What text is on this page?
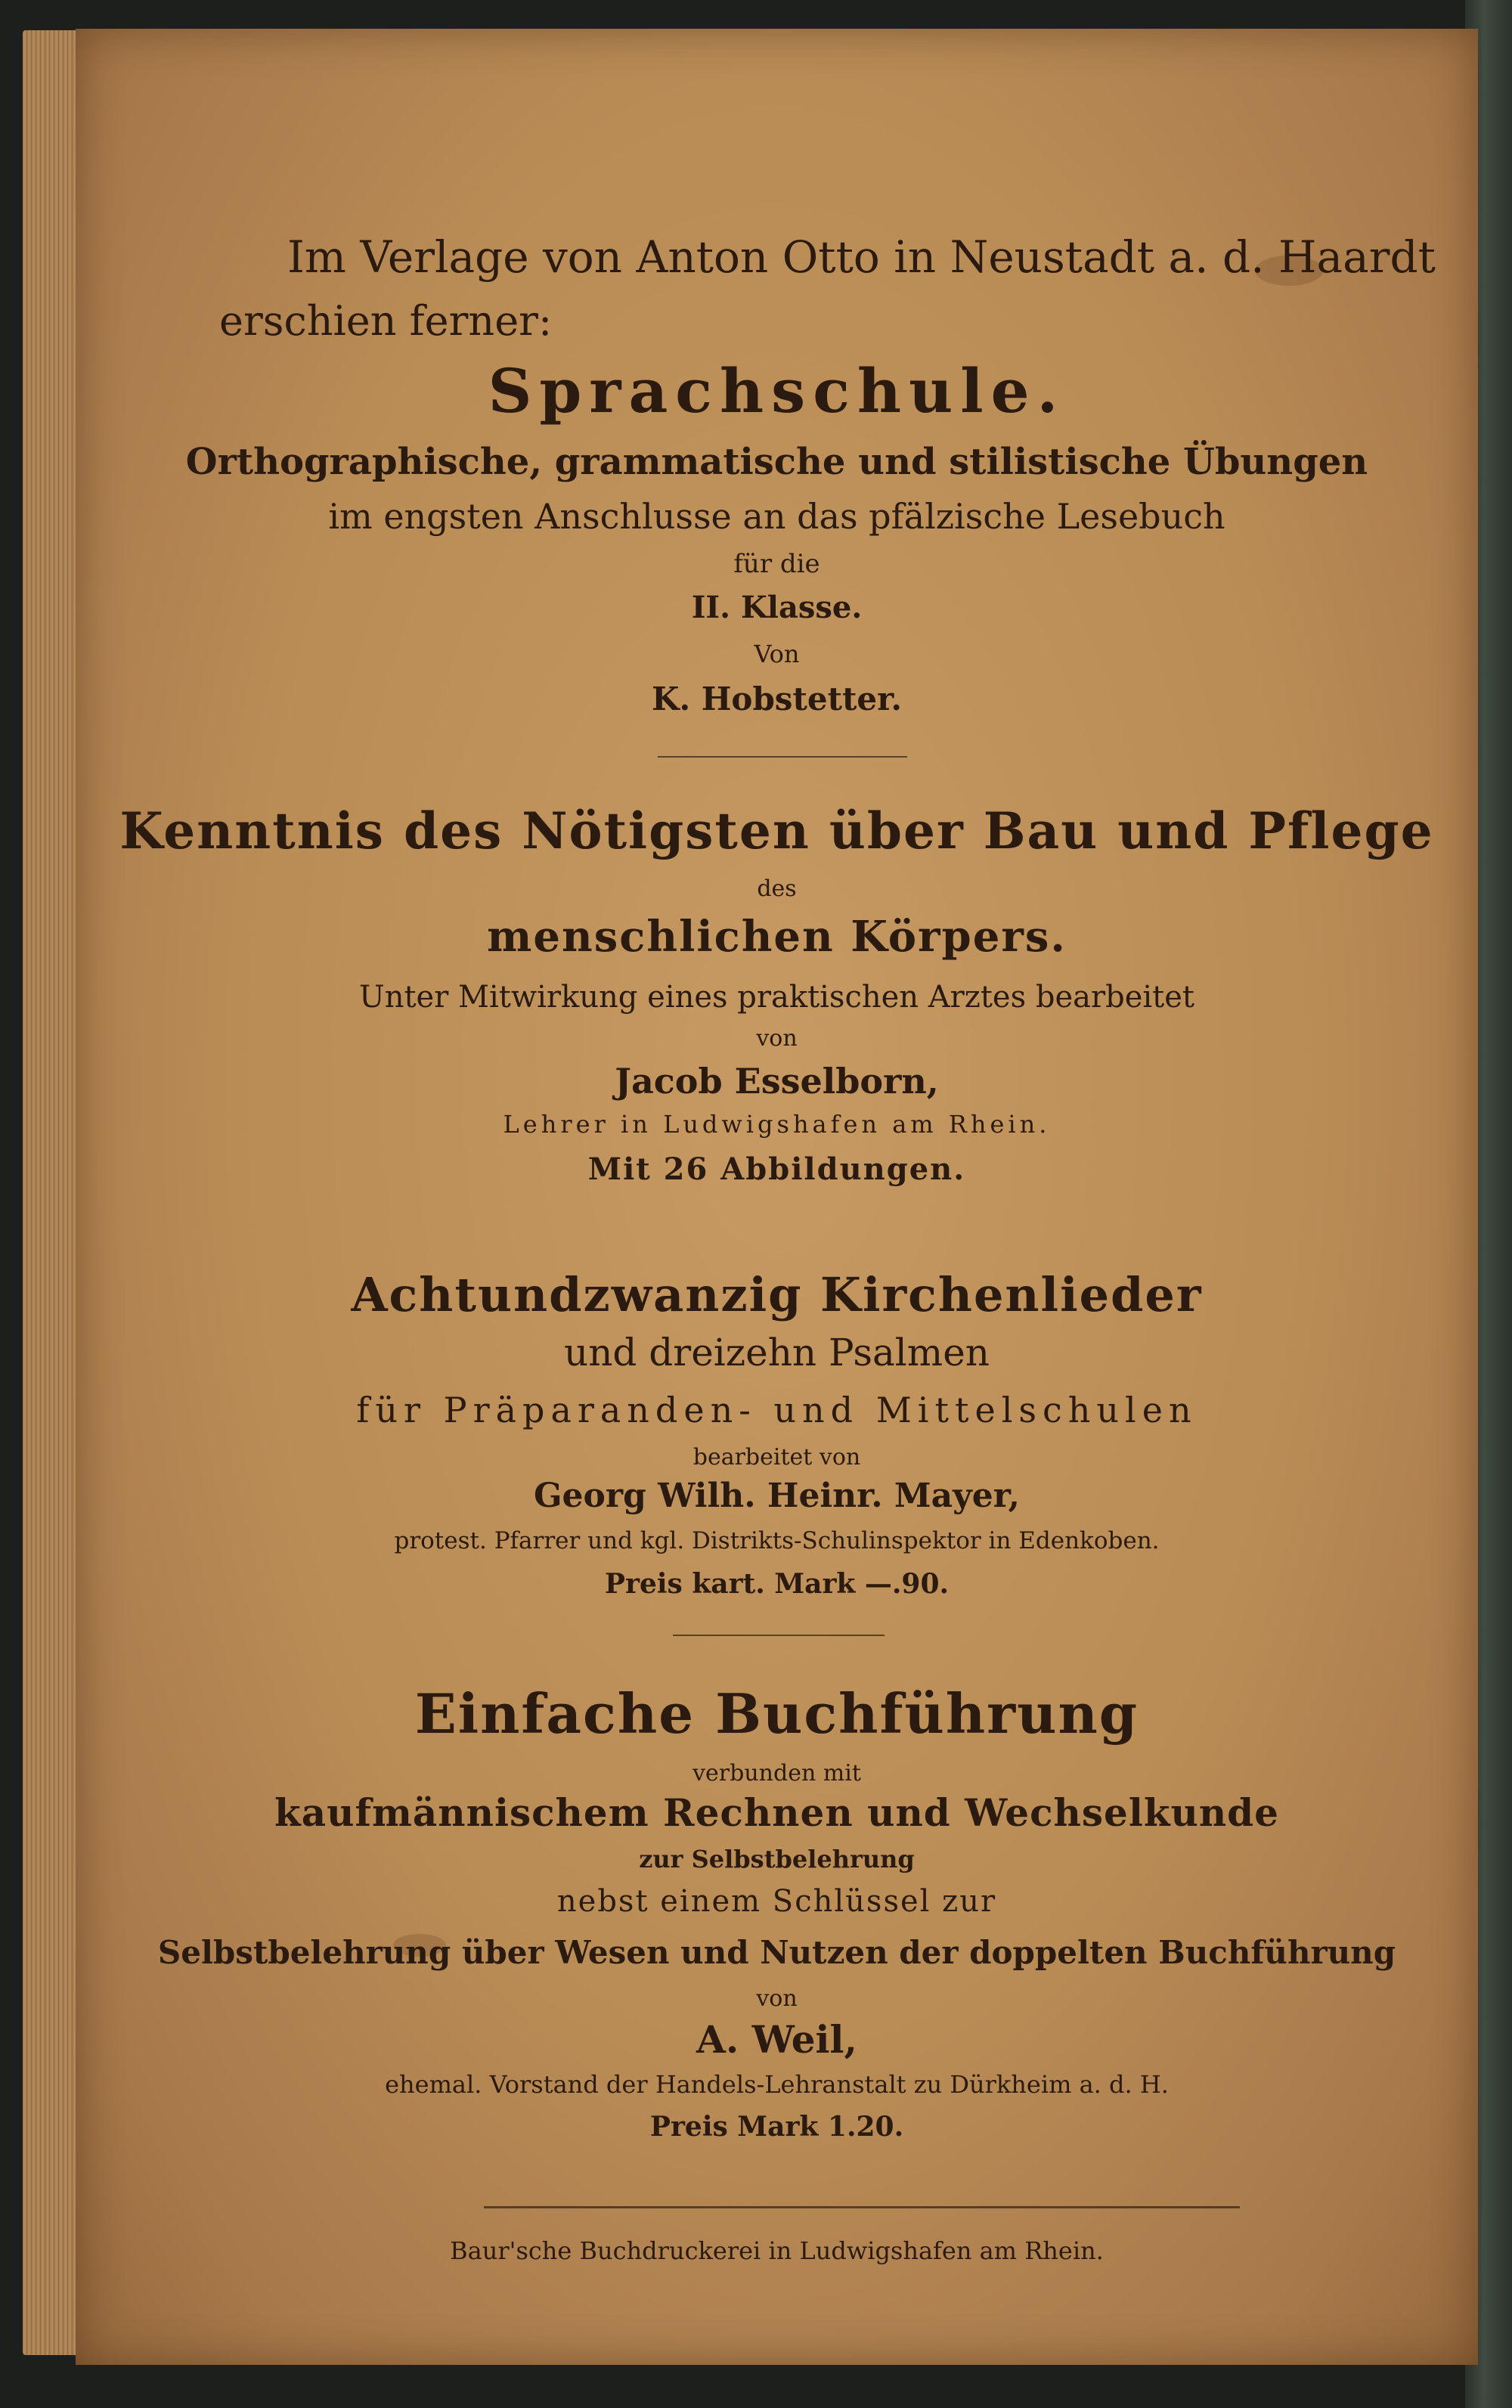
Im Verlage von Anton Otto in Neustadt a. d. Haardt
erschien ferner:
Sprachschule.
Orthographische, grammatische und stilistische Übungen
im engsten Anschlusse an das pfälzische Lesebuch
für die
II. Klasse.
Von
K. Hobstetter.
Kenntnis des Nötigsten über Bau und Pflege
des
menschlichen Körpers.
Unter Mitwirkung eines praktischen Arztes bearbeitet
von
Jacob Esselborn,
Lehrer in Ludwigshafen am Rhein.
Mit 26 Abbildungen.
Achtundzwanzig Kirchenlieder
und dreizehn Psalmen
für Präparanden- und Mittelschulen
bearbeitet von
Georg Wilh. Heinr. Mayer,
protest. Pfarrer und kgl. Distrikts-Schulinspektor in Edenkoben.
Preis kart. Mark —.90.
Einfache Buchführung
verbunden mit
kaufmännischem Rechnen und Wechselkunde
zur Selbstbelehrung
nebst einem Schlüssel zur
Selbstbelehrung über Wesen und Nutzen der doppelten Buchführung
von
A. Weil,
ehemal. Vorstand der Handels-Lehranstalt zu Dürkheim a. d. H.
Preis Mark 1.20.
Baur'sche Buchdruckerei in Ludwigshafen am Rhein.
